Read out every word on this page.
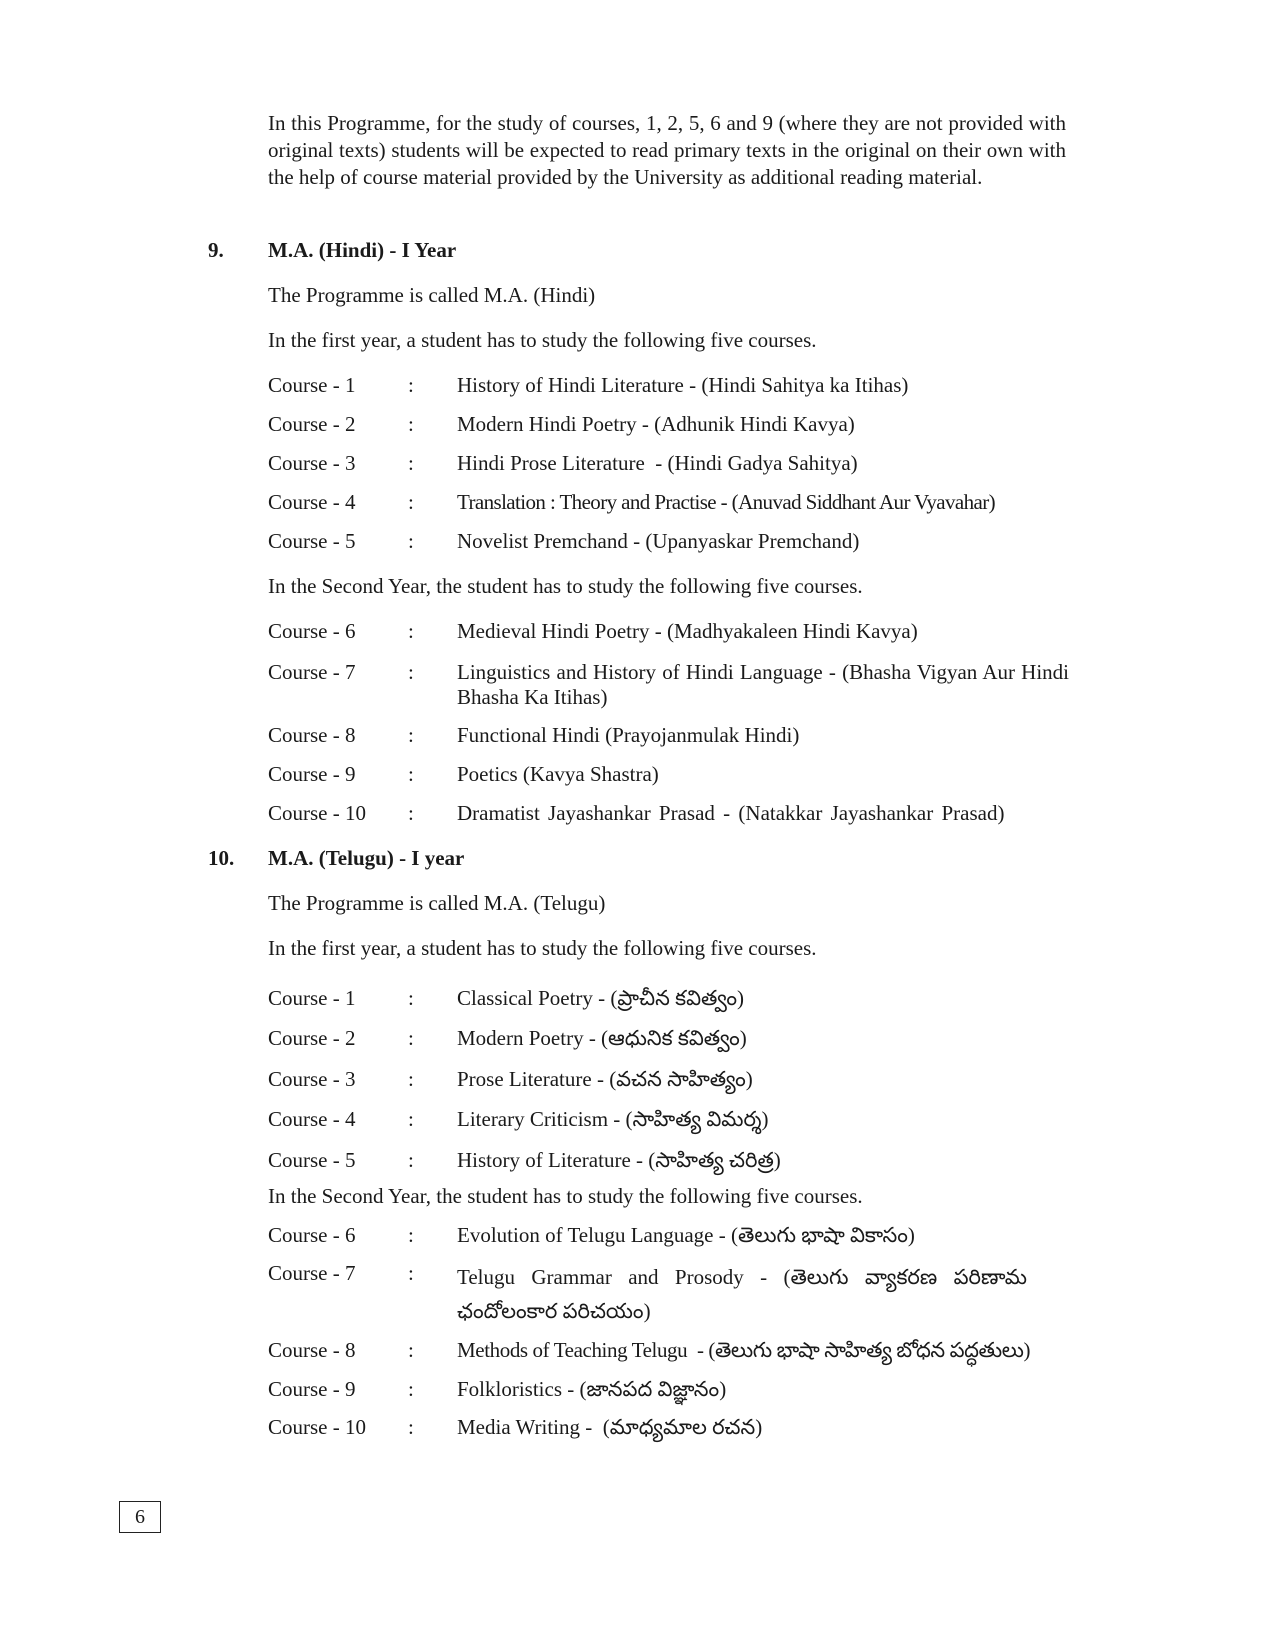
In this Programme, for the study of courses, 1, 2, 5, 6 and 9 (where they are not provided with original texts) students will be expected to read primary texts in the original on their own with the help of course material provided by the University as additional reading material.

9. M.A. (Hindi) - I Year

The Programme is called M.A. (Hindi)

In the first year, a student has to study the following five courses.

Course - 1	: History of Hindi Literature - (Hindi Sahitya ka Itihas)
Course - 2	: Modern Hindi Poetry - (Adhunik Hindi Kavya)
Course - 3	: Hindi Prose Literature  - (Hindi Gadya Sahitya)
Course - 4	: Translation : Theory and Practise - (Anuvad Siddhant Aur Vyavahar)
Course - 5	: Novelist Premchand - (Upanyaskar Premchand)

In the Second Year, the student has to study the following five courses.

Course - 6	: Medieval Hindi Poetry - (Madhyakaleen Hindi Kavya)
Course - 7	: Linguistics and History of Hindi Language - (Bhasha Vigyan Aur Hindi Bhasha Ka Itihas)
Course - 8	: Functional Hindi (Prayojanmulak Hindi)
Course - 9	: Poetics (Kavya Shastra)
Course - 10 : Dramatist Jayashankar Prasad - (Natakkar Jayashankar Prasad)
10. M.A. (Telugu) - I year

The Programme is called M.A. (Telugu)

In the first year, a student has to study the following five courses.

Course - 1	: Classical Poetry - (ప్రాచీన కవిత్వం)
Course - 2	: Modern Poetry - (ఆధునిక కవిత్వం)
Course - 3	: Prose Literature - (వచన సాహిత్యం)
Course - 4	: Literary Criticism - (సాహిత్య విమర్శ)
Course - 5	: History of Literature - (సాహిత్య చరిత్ర)

In the Second Year, the student has to study the following five courses.

Course - 6	: Evolution of Telugu Language - (తెలుగు భాషా వికాసం)
Course - 7	: Telugu Grammar and Prosody - (తెలుగు వ్యాకరణ పరిణామ ఛందోలంకార పరిచయం)
Course - 8	: Methods of Teaching Telugu  - (తెలుగు భాషా సాహిత్య బోధన పద్ధతులు)
Course - 9	: Folkloristics - (జానపద విజ్ఞానం)
Course - 10 : Media Writing -  (మాధ్యమాల రచన)
6
